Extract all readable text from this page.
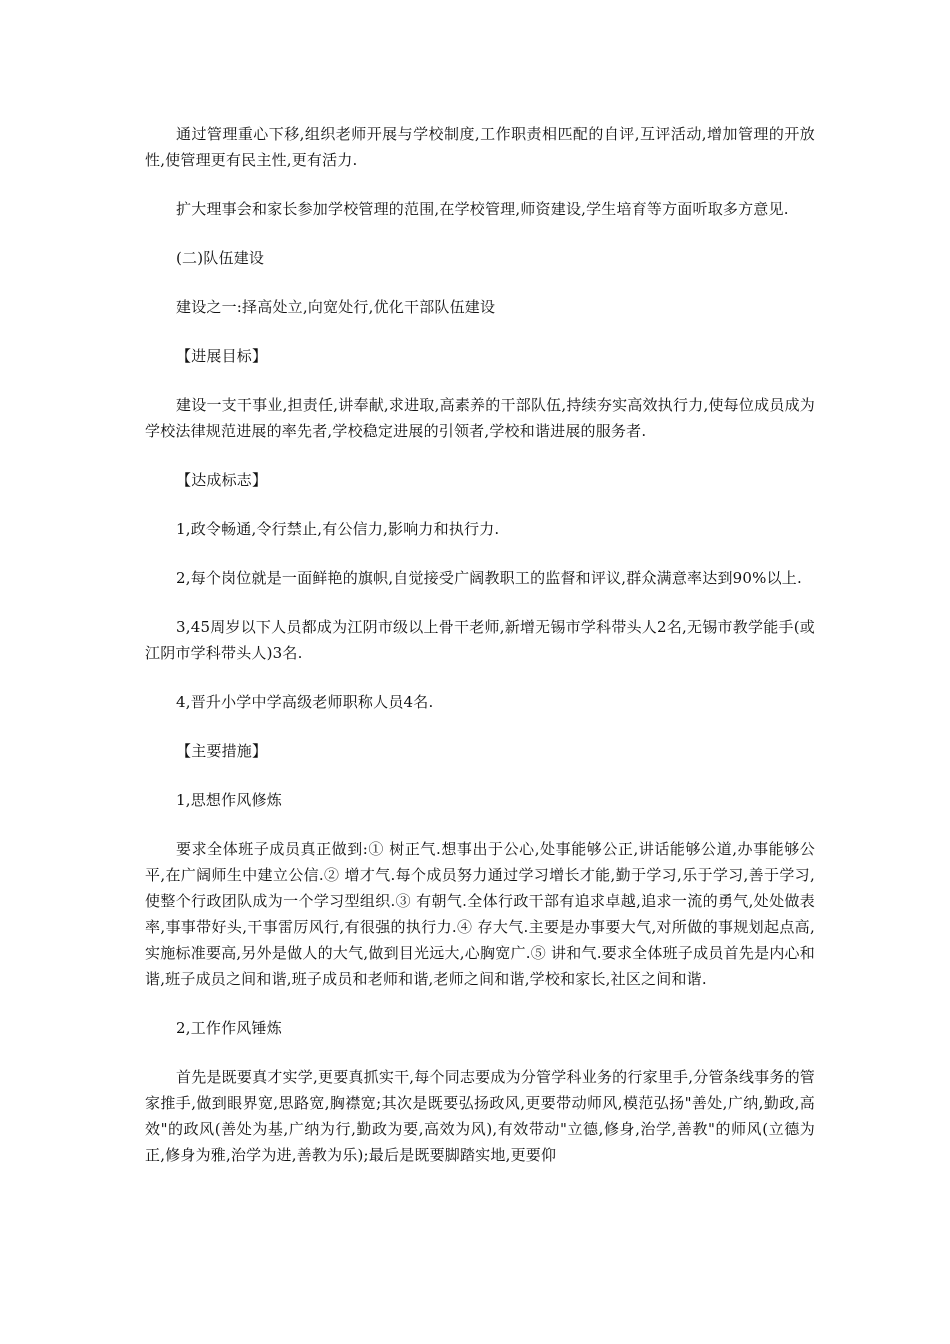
通过管理重心下移,组织老师开展与学校制度,工作职责相匹配的自评,互评活动,增加管理的开放性,使管理更有民主性,更有活力.

扩大理事会和家长参加学校管理的范围,在学校管理,师资建设,学生培育等方面听取多方意见.

(二)队伍建设

建设之一:择高处立,向宽处行,优化干部队伍建设

【进展目标】

建设一支干事业,担责任,讲奉献,求进取,高素养的干部队伍,持续夯实高效执行力,使每位成员成为学校法律规范进展的率先者,学校稳定进展的引领者,学校和谐进展的服务者.

【达成标志】

1,政令畅通,令行禁止,有公信力,影响力和执行力.

2,每个岗位就是一面鲜艳的旗帜,自觉接受广阔教职工的监督和评议,群众满意率达到90%以上.

3,45周岁以下人员都成为江阴市级以上骨干老师,新增无锡市学科带头人2名,无锡市教学能手(或江阴市学科带头人)3名.

4,晋升小学中学高级老师职称人员4名.

【主要措施】

1,思想作风修炼

要求全体班子成员真正做到:① 树正气.想事出于公心,处事能够公正,讲话能够公道,办事能够公平,在广阔师生中建立公信.② 增才气.每个成员努力通过学习增长才能,勤于学习,乐于学习,善于学习,使整个行政团队成为一个学习型组织.③ 有朝气.全体行政干部有追求卓越,追求一流的勇气,处处做表率,事事带好头,干事雷厉风行,有很强的执行力.④ 存大气.主要是办事要大气,对所做的事规划起点高,实施标准要高,另外是做人的大气,做到目光远大,心胸宽广.⑤ 讲和气.要求全体班子成员首先是内心和谐,班子成员之间和谐,班子成员和老师和谐,老师之间和谐,学校和家长,社区之间和谐.

2,工作作风锤炼

首先是既要真才实学,更要真抓实干,每个同志要成为分管学科业务的行家里手,分管条线事务的管家推手,做到眼界宽,思路宽,胸襟宽;其次是既要弘扬政风,更要带动师风,模范弘扬"善处,广纳,勤政,高效"的政风(善处为基,广纳为行,勤政为要,高效为风),有效带动"立德,修身,治学,善教"的师风(立德为正,修身为雅,治学为进,善教为乐);最后是既要脚踏实地,更要仰
